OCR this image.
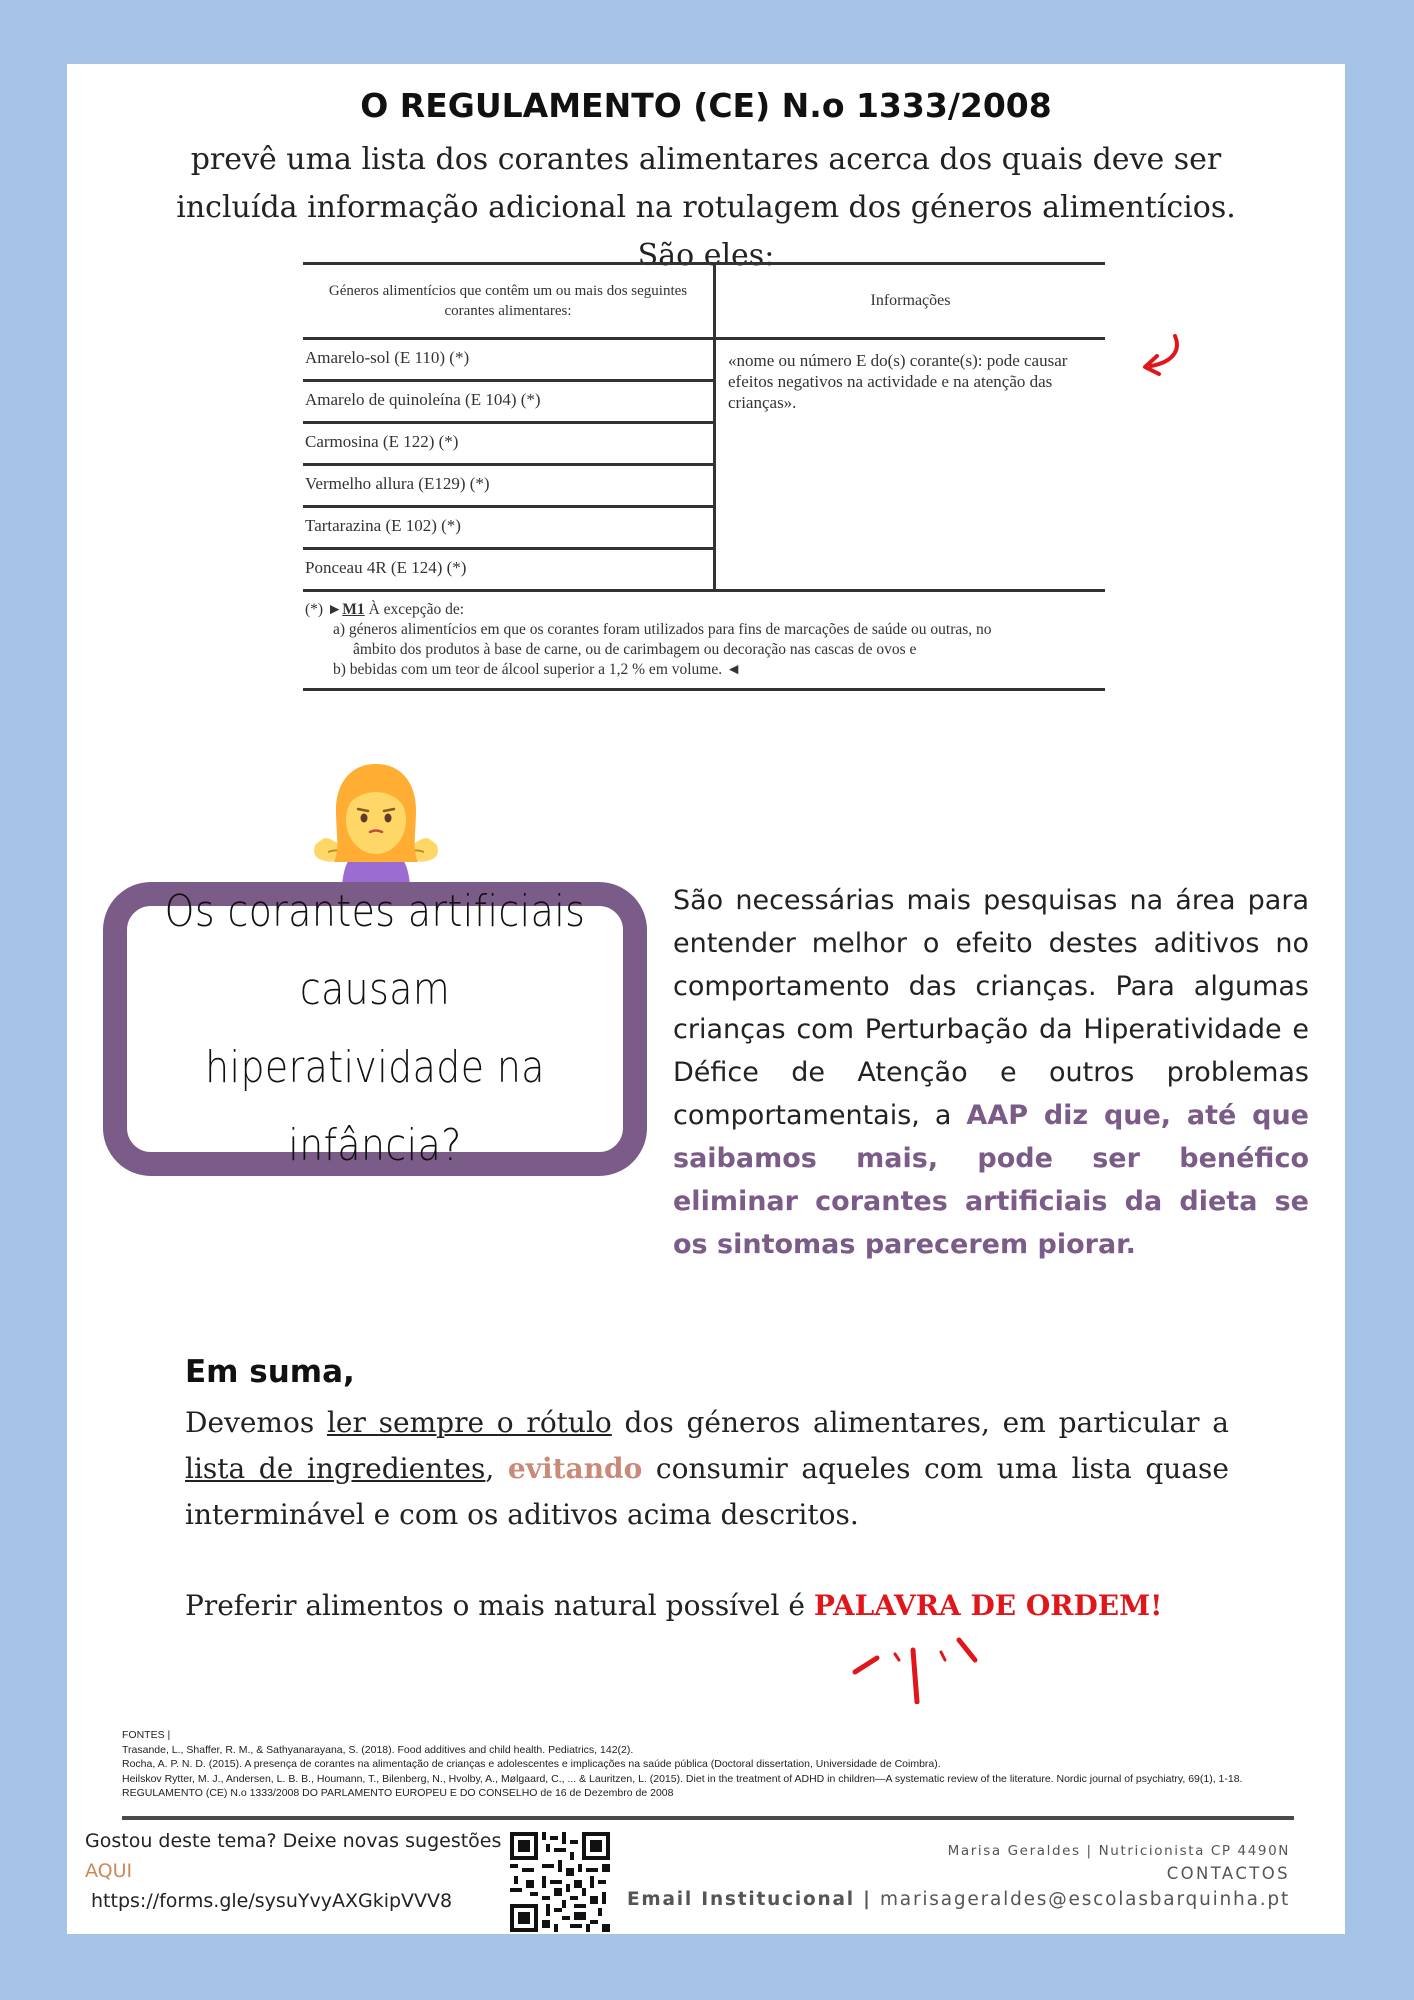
O REGULAMENTO (CE) N.o 1333/2008
prevê uma lista dos corantes alimentares acerca dos quais deve ser incluída informação adicional na rotulagem dos géneros alimentícios. São eles:
Géneros alimentícios que contêm um ou mais dos seguintes corantes alimentares:	Informações
Amarelo-sol (E 110) (*)	«nome ou número E do(s) corante(s): pode causar efeitos negativos na actividade e na atenção das crianças».
Amarelo de quinoleína (E 104) (*)	
Carmosina (E 122) (*)	
Vermelho allura (E129) (*)	
Tartarazina (E 102) (*)	
Ponceau 4R (E 124) (*)	

(*) ►M1 À excepção de:
a) géneros alimentícios em que os corantes foram utilizados para fins de marcações de saúde ou outras, no
âmbito dos produtos à base de carne, ou de carimbagem ou decoração nas cascas de ovos e
b) bebidas com um teor de álcool superior a 1,2 % em volume. ◄	
Os corantes artificiais
causam hiperatividade na
infância?
São necessárias mais pesquisas na área para entender melhor o efeito destes aditivos no comportamento das crianças. Para algumas crianças com Perturbação da Hiperatividade e Défice de Atenção e outros problemas comportamentais, a AAP diz que, até que saibamos mais, pode ser benéfico eliminar corantes artificiais da dieta se os sintomas parecerem piorar.
Em suma,
Devemos ler sempre o rótulo dos géneros alimentares, em particular a lista de ingredientes, evitando consumir aqueles com uma lista quase interminável e com os aditivos acima descritos.
Preferir alimentos o mais natural possível é PALAVRA DE ORDEM!
FONTES |
Trasande, L., Shaffer, R. M., & Sathyanarayana, S. (2018). Food additives and child health. Pediatrics, 142(2).
Rocha, A. P. N. D. (2015). A presença de corantes na alimentação de crianças e adolescentes e implicações na saúde pública (Doctoral dissertation, Universidade de Coimbra).
Heilskov Rytter, M. J., Andersen, L. B. B., Houmann, T., Bilenberg, N., Hvolby, A., Mølgaard, C., ... & Lauritzen, L. (2015). Diet in the treatment of ADHD in children—A systematic review of the literature. Nordic journal of psychiatry, 69(1), 1-18.
REGULAMENTO (CE) N.o 1333/2008 DO PARLAMENTO EUROPEU E DO CONSELHO de 16 de Dezembro de 2008
Gostou deste tema? Deixe novas sugestões
AQUI
https://forms.gle/sysuYvyAXGkipVVV8
Marisa Geraldes | Nutricionista CP 4490N
CONTACTOS
Email Institucional | marisageraldes@escolasbarquinha.pt
